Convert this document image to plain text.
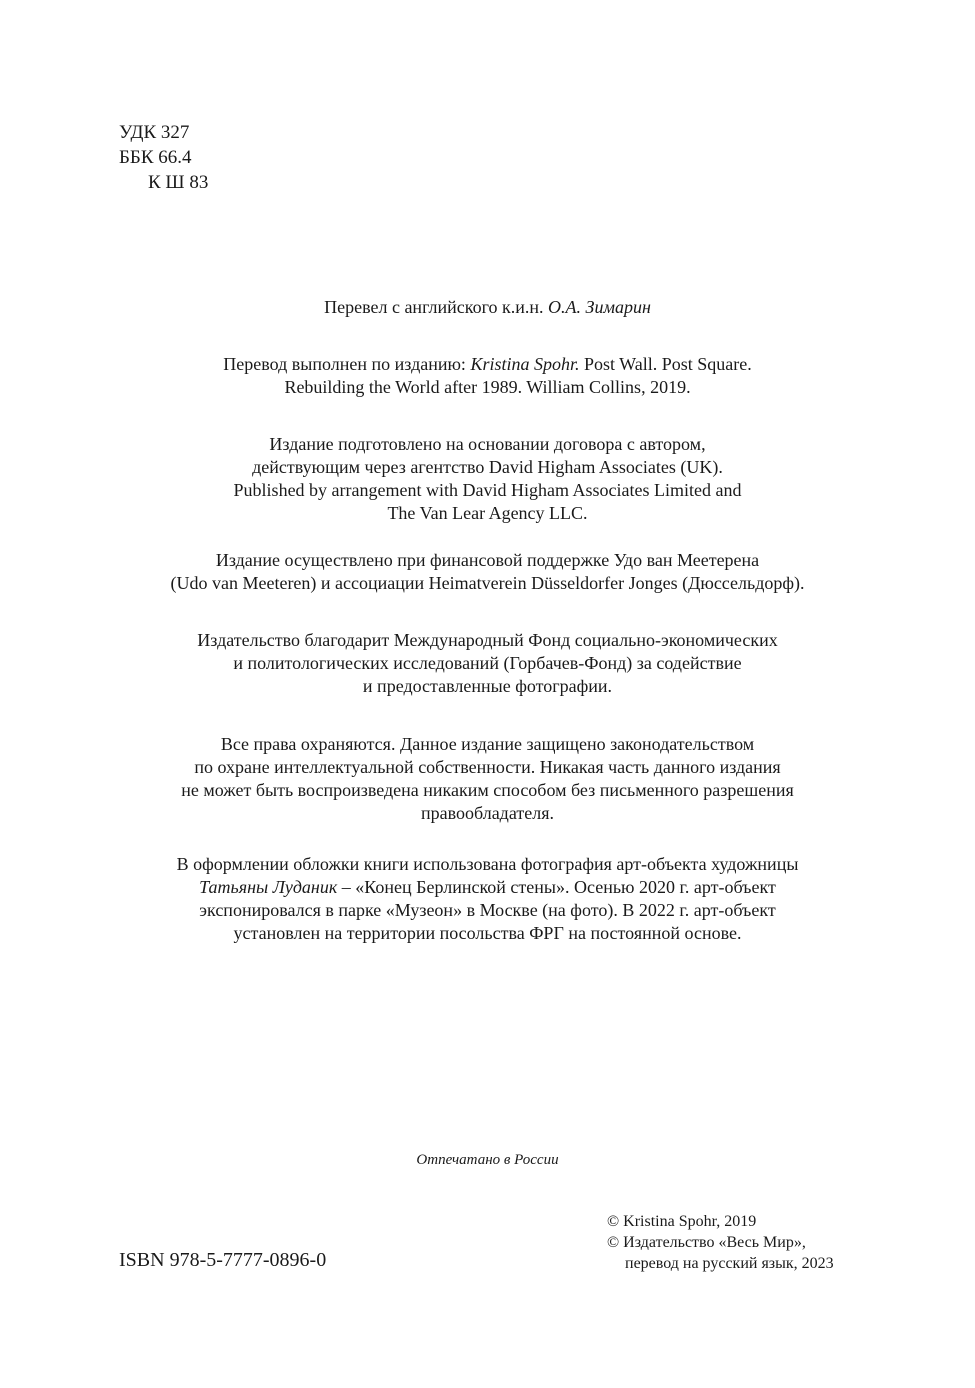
УДК 327
ББК 66.4
К Ш 83
Перевел с английского к.и.н. О.А. Зимарин
Перевод выполнен по изданию: Kristina Spohr. Post Wall. Post Square.
Rebuilding the World after 1989. William Collins, 2019.
Издание подготовлено на основании договора с автором,
действующим через агентство David Higham Associates (UK).
Published by arrangement with David Higham Associates Limited and
The Van Lear Agency LLC.
Издание осуществлено при финансовой поддержке Удо ван Меетерена
(Udo van Meeteren) и ассоциации Heimatverein Düsseldorfer Jonges (Дюссельдорф).
Издательство благодарит Международный Фонд социально-экономических
и политологических исследований (Горбачев-Фонд) за содействие
и предоставленные фотографии.
Все права охраняются. Данное издание защищено законодательством
по охране интеллектуальной собственности. Никакая часть данного издания
не может быть воспроизведена никаким способом без письменного разрешения
правообладателя.
В оформлении обложки книги использована фотография арт-объекта художницы
Татьяны Луданик – «Конец Берлинской стены». Осенью 2020 г. арт-объект
экспонировался в парке «Музеон» в Москве (на фото). В 2022 г. арт-объект
установлен на территории посольства ФРГ на постоянной основе.
Отпечатано в России
ISBN 978-5-7777-0896-0
© Kristina Spohr, 2019
© Издательство «Весь Мир»,
перевод на русский язык, 2023
